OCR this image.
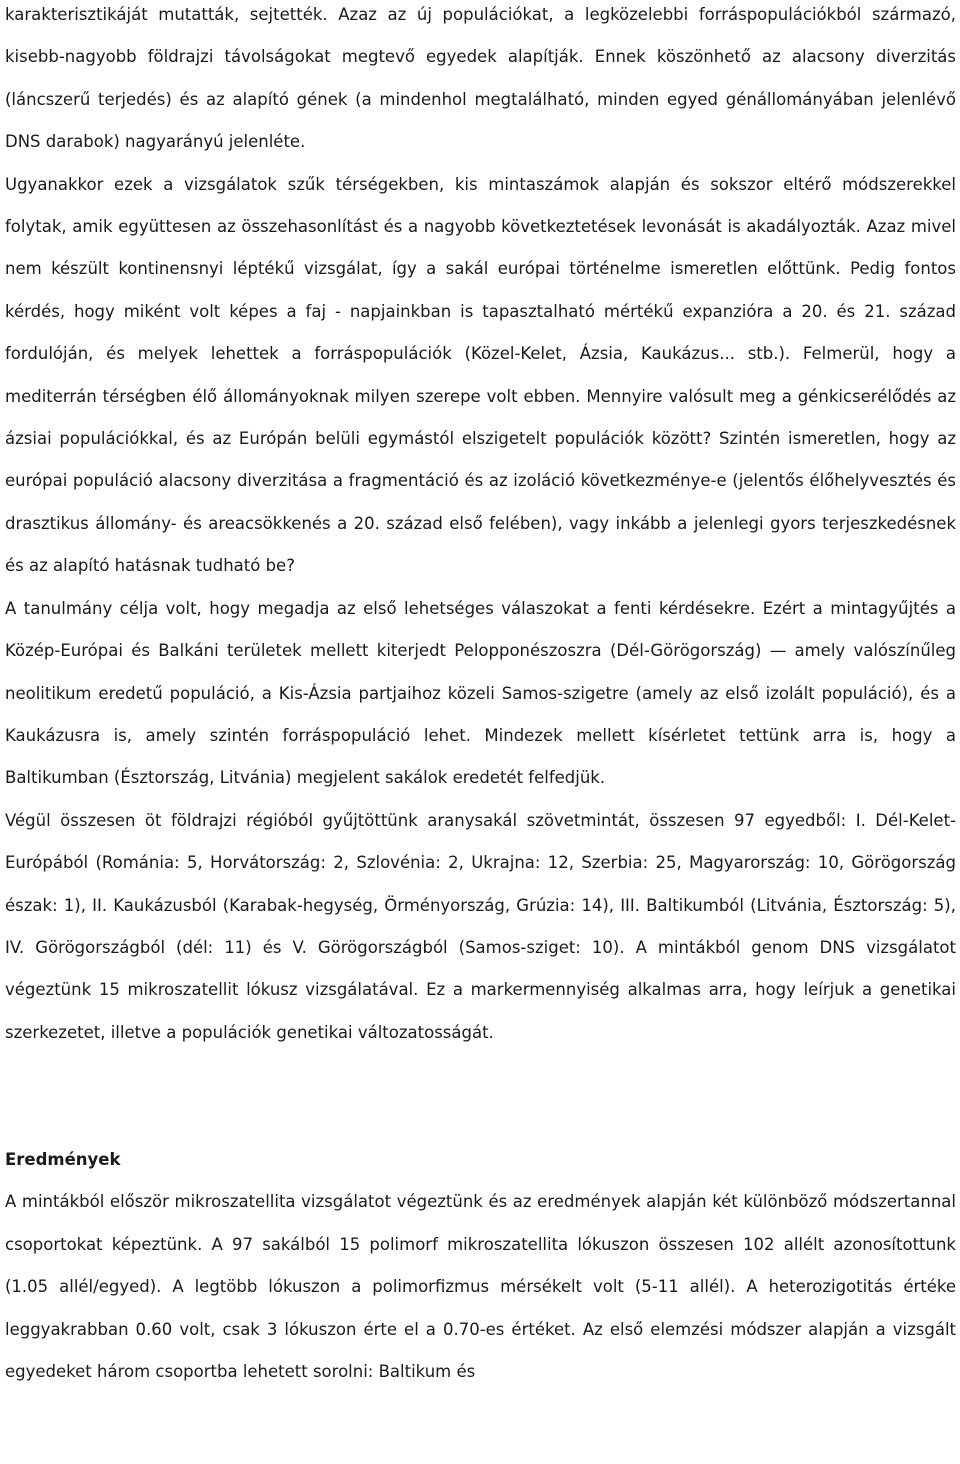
karakterisztikáját mutatták, sejtették. Azaz az új populációkat, a legközelebbi forráspopulációkból származó, kisebb-nagyobb földrajzi távolságokat megtevő egyedek alapítják. Ennek köszönhető az alacsony diverzitás (láncszerű terjedés) és az alapító gének (a mindenhol megtalálható, minden egyed génállományában jelenlévő DNS darabok) nagyarányú jelenléte.

Ugyanakkor ezek a vizsgálatok szűk térségekben, kis mintaszámok alapján és sokszor eltérő módszerekkel folytak, amik együttesen az összehasonlítást és a nagyobb következtetések levonását is akadályozták. Azaz mivel nem készült kontinensnyi léptékű vizsgálat, így a sakál európai történelme ismeretlen előttünk. Pedig fontos kérdés, hogy miként volt képes a faj - napjainkban is tapasztalható mértékű expanzióra a 20. és 21. század fordulóján, és melyek lehettek a forráspopulációk (Közel-Kelet, Ázsia, Kaukázus... stb.). Felmerül, hogy a mediterrán térségben élő állományoknak milyen szerepe volt ebben. Mennyire valósult meg a génkicserélődés az ázsiai populációkkal, és az Európán belüli egymástól elszigetelt populációk között? Szintén ismeretlen, hogy az európai populáció alacsony diverzitása a fragmentáció és az izoláció következménye-e (jelentős élőhelyvesztés és drasztikus állomány- és areacsökkenés a 20. század első felében), vagy inkább a jelenlegi gyors terjeszkedésnek és az alapító hatásnak tudható be?

A tanulmány célja volt, hogy megadja az első lehetséges válaszokat a fenti kérdésekre. Ezért a mintagyűjtés a Közép-Európai és Balkáni területek mellett kiterjedt Pelopponészoszra (Dél-Görögország) — amely valószínűleg neolitikum eredetű populáció, a Kis-Ázsia partjaihoz közeli Samos-szigetre (amely az első izolált populáció), és a Kaukázusra is, amely szintén forráspopuláció lehet. Mindezek mellett kísérletet tettünk arra is, hogy a Baltikumban (Észtország, Litvánia) megjelent sakálok eredetét felfedjük.

Végül összesen öt földrajzi régióból gyűjtöttünk aranysakál szövetmintát, összesen 97 egyedből: I. Dél-Kelet-Európából (Románia: 5, Horvátország: 2, Szlovénia: 2, Ukrajna: 12, Szerbia: 25, Magyarország: 10, Görögország észak: 1), II. Kaukázusból (Karabak-hegység, Örményország, Grúzia: 14), III. Baltikumból (Litvánia, Észtország: 5), IV. Görögországból (dél: 11) és V. Görögországból (Samos-sziget: 10). A mintákból genom DNS vizsgálatot végeztünk 15 mikroszatellit lókusz vizsgálatával. Ez a markermennyiség alkalmas arra, hogy leírjuk a genetikai szerkezetet, illetve a populációk genetikai változatosságát.

Eredmények

A mintákból először mikroszatellita vizsgálatot végeztünk és az eredmények alapján két különböző módszertannal csoportokat képeztünk. A 97 sakálból 15 polimorf mikroszatellita lókuszon összesen 102 allélt azonosítottunk (1.05 allél/egyed). A legtöbb lókuszon a polimorfizmus mérsékelt volt (5-11 allél). A heterozigotitás értéke leggyakrabban 0.60 volt, csak 3 lókuszon érte el a 0.70-es értéket. Az első elemzési módszer alapján a vizsgált egyedeket három csoportba lehetett sorolni: Baltikum és
